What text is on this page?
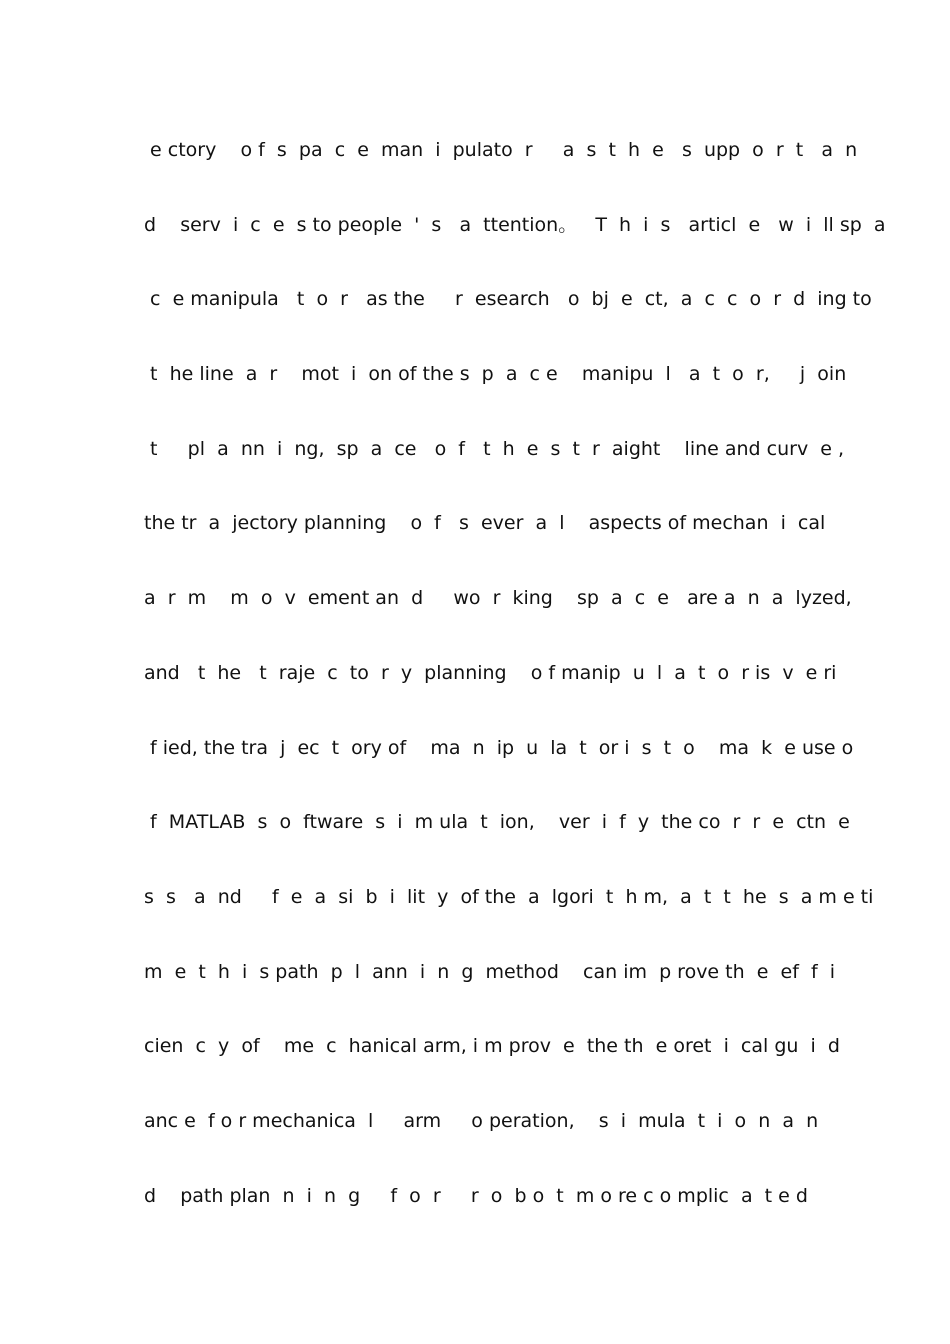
e ctory    o f  s  pa  c  e  man  i  pulato  r     a  s  t  h  e   s  upp  o  r  t   a  n
d    serv  i  c  e  s to people  '  s   a  ttention。   T  h  i  s   articl  e   w  i  ll sp  a
c  e manipula   t  o  r   as the     r  esearch   o  bj  e  ct,  a  c  c  o  r  d  ing to
t  he line  a  r    mot  i  on of the s  p  a  c e    manipu  l   a  t  o  r,     j  oin
t     pl  a  nn  i  ng,  sp  a  ce   o  f   t  h  e  s  t  r  aight    line and curv  e ,
the tr  a  jectory planning    o  f   s  ever  a  l    aspects of mechan  i  cal
a  r  m    m  o  v  ement an  d     wo  r  king    sp  a  c  e   are a  n  a  lyzed,
and   t  he   t  raje  c  to  r  y  planning    o f manip  u  l  a  t  o  r is  v  e ri
f ied, the tra  j  ec  t  ory of    ma  n  ip  u  la  t  or i  s  t  o    ma  k  e use o
f  MATLAB  s  o  ftware  s  i  m ula  t  ion,    ver  i  f  y  the co  r  r  e  ctn  e
s  s   a  nd     f  e  a  si  b  i  lit  y  of the  a  lgori  t  h m,  a  t  t  he  s  a m e ti
m  e  t  h  i  s path  p  l  ann  i  n  g  method    can im  p rove th  e  ef  f  i
cien  c  y  of    me  c  hanical arm, i m prov  e  the th  e oret  i  cal gu  i  d
anc e  f o r mechanica  l     arm     o peration,    s  i  mula  t  i  o  n  a  n
d    path plan  n  i  n  g     f  o  r     r  o  b o  t  m o re c o mplic  a  t e d
